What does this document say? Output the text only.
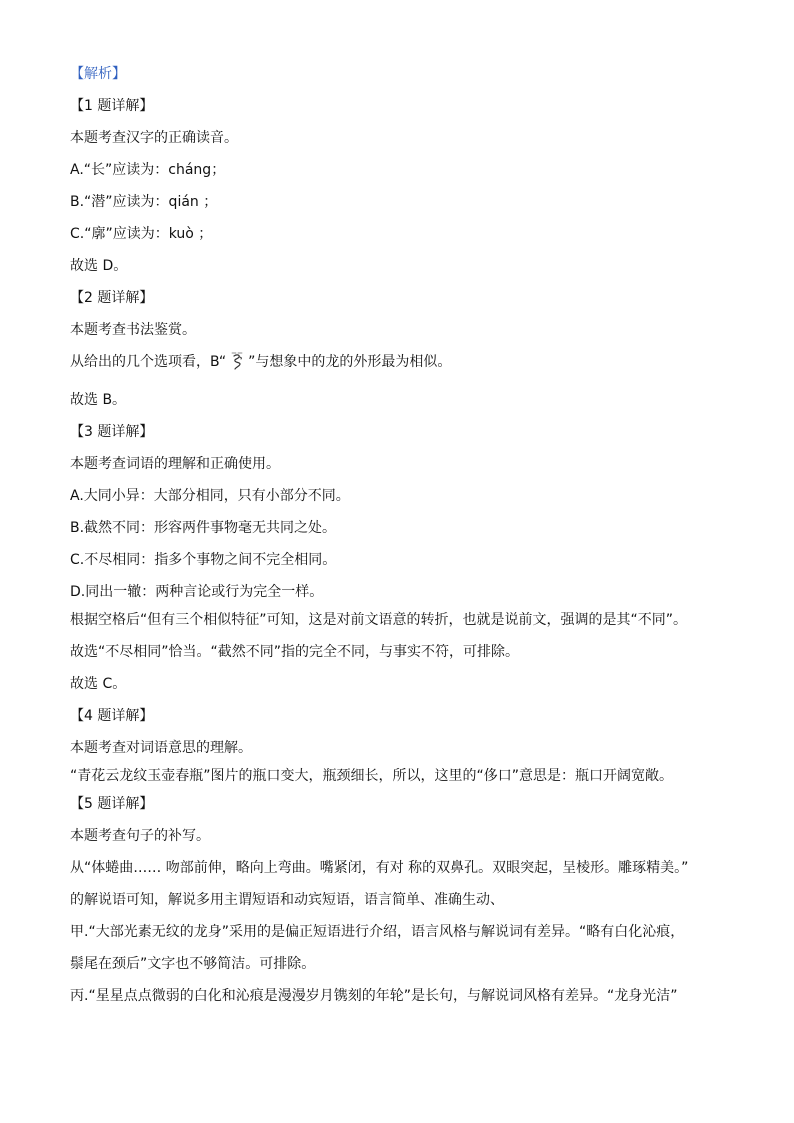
【解析】
【1 题详解】
本题考查汉字的正确读音。
A.“长”应读为：cháng；
B.“潜”应读为：qián ；
C.“廓”应读为：kuò ；
故选 D。
【2 题详解】
本题考查书法鉴赏。
从给出的几个选项看，B“ ”与想象中的龙的外形最为相似。
故选 B。
【3 题详解】
本题考查词语的理解和正确使用。
A.大同小异：大部分相同，只有小部分不同。
B.截然不同：形容两件事物毫无共同之处。
C.不尽相同：指多个事物之间不完全相同。
D.同出一辙：两种言论或行为完全一样。
根据空格后“但有三个相似特征”可知，这是对前文语意的转折，也就是说前文，强调的是其“不同”。
故选“不尽相同”恰当。“截然不同”指的完全不同，与事实不符，可排除。
故选 C。
【4 题详解】
本题考查对词语意思的理解。
“青花云龙纹玉壶春瓶”图片的瓶口变大，瓶颈细长，所以，这里的“侈口”意思是：瓶口开阔宽敞。
【5 题详解】
本题考查句子的补写。
从“体蜷曲…… 吻部前伸，略向上弯曲。嘴紧闭，有对 称的双鼻孔。双眼突起，呈棱形。雕琢精美。”
的解说语可知，解说多用主谓短语和动宾短语，语言简单、准确生动、
甲.“大部光素无纹的龙身”采用的是偏正短语进行介绍，语言风格与解说词有差异。“略有白化沁痕，
鬃尾在颈后”文字也不够简洁。可排除。
丙.“星星点点微弱的白化和沁痕是漫漫岁月镌刻的年轮”是长句，与解说词风格有差异。“龙身光洁”
